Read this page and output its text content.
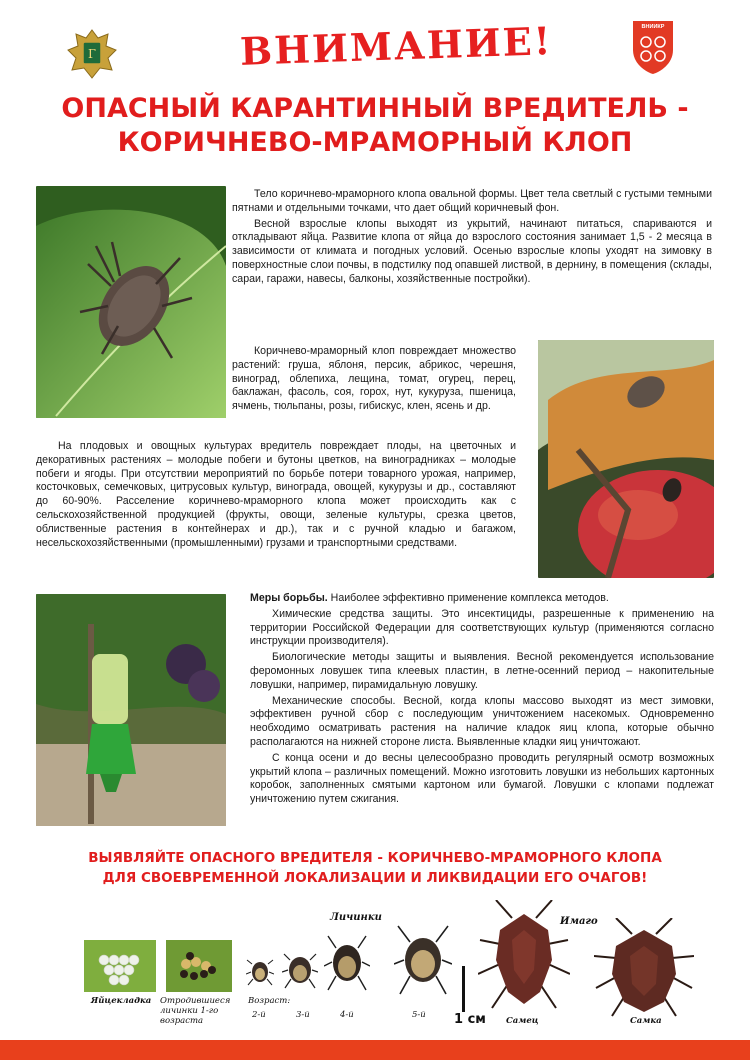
Г	ВНИМАНИЕ!	ВНИИКР
ОПАСНЫЙ КАРАНТИННЫЙ ВРЕДИТЕЛЬ -
КОРИЧНЕВО-МРАМОРНЫЙ КЛОП

Тело коричнево-мраморного клопа овальной формы. Цвет тела светлый с густыми темными пятнами и отдельными точками, что дает общий коричневый фон.

Весной взрослые клопы выходят из укрытий, начинают питаться, спариваются и откладывают яйца. Развитие клопа от яйца до взрослого состояния занимает 1,5 - 2 месяца в зависимости от климата и погодных условий. Осенью взрослые клопы уходят на зимовку в поверхностные слои почвы, в подстилку под опавшей листвой, в дернину, в помещения (склады, сараи, гаражи, навесы, балконы, хозяйственные постройки).

Коричнево-мраморный клоп повреждает множество растений: груша, яблоня, персик, абрикос, черешня, виноград, облепиха, лещина, томат, огурец, перец, баклажан, фасоль, соя, горох, нут, кукуруза, пшеница, ячмень, тюльпаны, розы, гибискус, клен, ясень и др.

На плодовых и овощных культурах вредитель повреждает плоды, на цветочных и декоративных растениях – молодые побеги и бутоны цветков, на виноградниках – молодые побеги и ягоды. При отсутствии мероприятий по борьбе потери товарного урожая, например, косточковых, семечковых, цитрусовых культур, винограда, овощей, кукурузы и др., составляют до 60-90%. Расселение коричнево-мраморного клопа может происходить как с сельскохозяйственной продукцией (фрукты, овощи, зеленые культуры, срезка цветов, облиственные растения в контейнерах и др.), так и с ручной кладью и багажом, несельскохозяйственными (промышленными) грузами и транспортными средствами.

Меры борьбы. Наиболее эффективно применение комплекса методов.

Химические средства защиты. Это инсектициды, разрешенные к применению на территории Российской Федерации для соответствующих культур (применяются согласно инструкции производителя).

Биологические методы защиты и выявления. Весной рекомендуется использование феромонных ловушек типа клеевых пластин, в летне-осенний период – накопительные ловушки, например, пирамидальную ловушку.

Механические способы. Весной, когда клопы массово выходят из мест зимовки, эффективен ручной сбор с последующим уничтожением насекомых. Одновременно необходимо осматривать растения на наличие кладок яиц клопа, которые обычно располагаются на нижней стороне листа. Выявленные кладки яиц уничтожают.

С конца осени и до весны целесообразно проводить регулярный осмотр возможных укрытий клопа – различных помещений. Можно изготовить ловушки из небольших картонных коробок, заполненных смятыми картоном или бумагой. Ловушки с клопами подлежат уничтожению путем сжигания.

ВЫЯВЛЯЙТЕ ОПАСНОГО ВРЕДИТЕЛЯ - КОРИЧНЕВО-МРАМОРНОГО КЛОПА
ДЛЯ СВОЕВРЕМЕННОЙ ЛОКАЛИЗАЦИИ И ЛИКВИДАЦИИ ЕГО ОЧАГОВ!
Личинки	Имаго
Яйцекладка	Отродившиеся личинки 1-го возраста
Возраст:
2-й	3-й	4-й	5-й 1 см Самец	Самка
